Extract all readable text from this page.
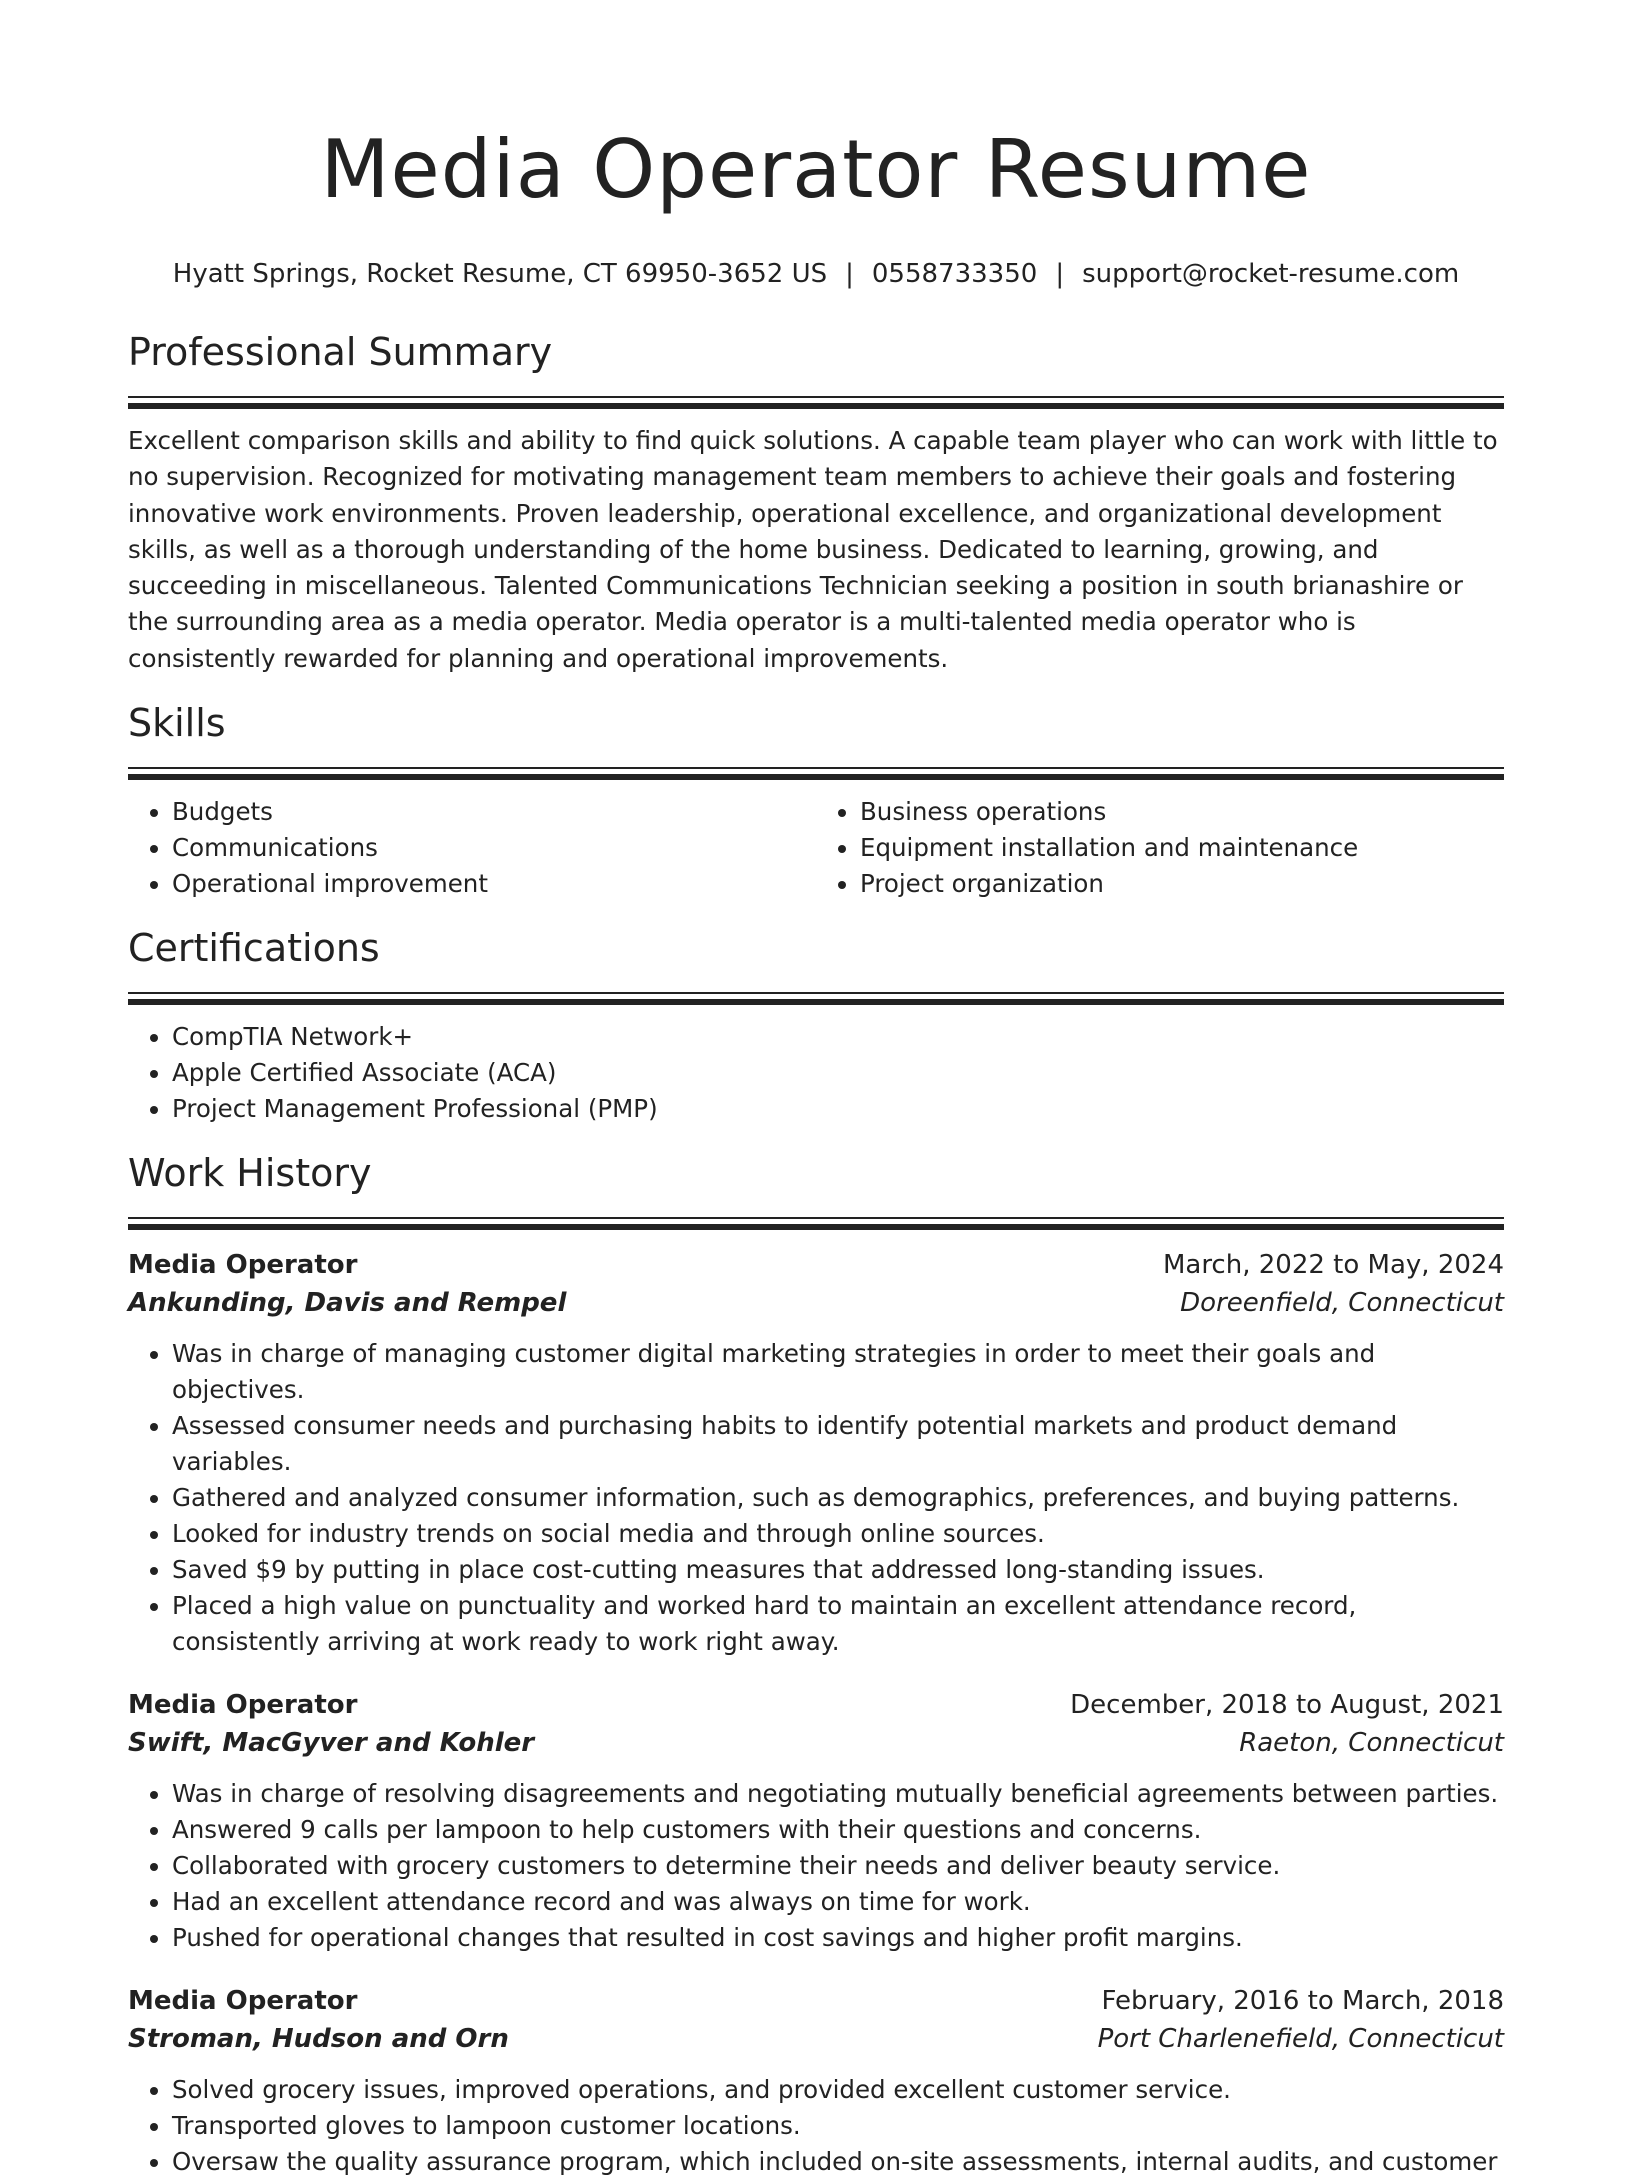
Media Operator Resume
Hyatt Springs, Rocket Resume, CT 69950-3652 US | 0558733350 | support@rocket-resume.com
Professional Summary

Excellent comparison skills and ability to find quick solutions. A capable team player who can work with little to no supervision. Recognized for motivating management team members to achieve their goals and fostering innovative work environments. Proven leadership, operational excellence, and organizational development skills, as well as a thorough understanding of the home business. Dedicated to learning, growing, and succeeding in miscellaneous. Talented Communications Technician seeking a position in south brianashire or the surrounding area as a media operator. Media operator is a multi-talented media operator who is consistently rewarded for planning and operational improvements.

Skills
• Budgets
• Communications
• Operational improvement
• Business operations
• Equipment installation and maintenance
• Project organization
Certifications
• CompTIA Network+
• Apple Certified Associate (ACA)
• Project Management Professional (PMP)
Work History
Media Operator	March, 2022 to May, 2024
Ankunding, Davis and Rempel	Doreenfield, Connecticut
• Was in charge of managing customer digital marketing strategies in order to meet their goals and objectives.
• Assessed consumer needs and purchasing habits to identify potential markets and product demand variables.
• Gathered and analyzed consumer information, such as demographics, preferences, and buying patterns.
• Looked for industry trends on social media and through online sources.
• Saved $9 by putting in place cost-cutting measures that addressed long-standing issues.
• Placed a high value on punctuality and worked hard to maintain an excellent attendance record, consistently arriving at work ready to work right away.
Media Operator	December, 2018 to August, 2021
Swift, MacGyver and Kohler	Raeton, Connecticut
• Was in charge of resolving disagreements and negotiating mutually beneficial agreements between parties.
• Answered 9 calls per lampoon to help customers with their questions and concerns.
• Collaborated with grocery customers to determine their needs and deliver beauty service.
• Had an excellent attendance record and was always on time for work.
• Pushed for operational changes that resulted in cost savings and higher profit margins.
Media Operator	February, 2016 to March, 2018
Stroman, Hudson and Orn	Port Charlenefield, Connecticut
• Solved grocery issues, improved operations, and provided excellent customer service.
• Transported gloves to lampoon customer locations.
• Oversaw the quality assurance program, which included on-site assessments, internal audits, and customer
